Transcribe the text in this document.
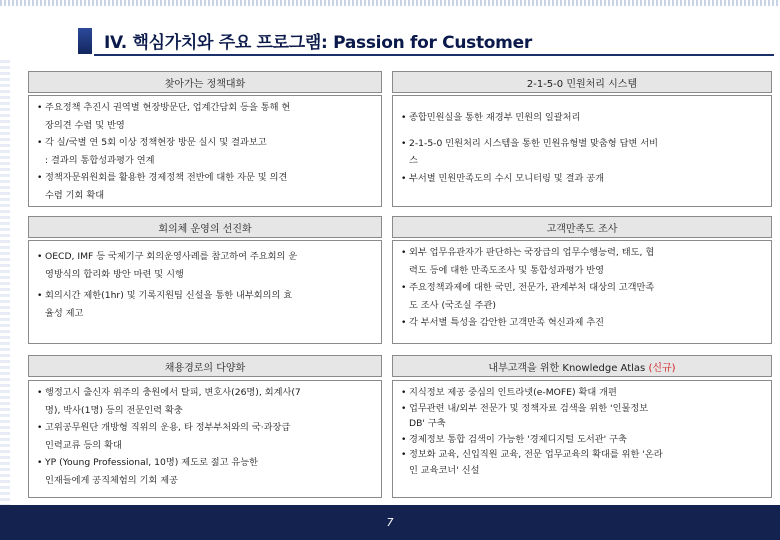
IV. 핵심가치와 주요 프로그램: Passion for Customer
찾아가는 정책대화
• 주요정책 추진시 권역별 현장방문단, 업계간담회 등을 통해 현
장의견 수렴 및 반영
• 각 실/국별 연 5회 이상 정책현장 방문 실시 및 결과보고
: 결과의 통합성과평가 연계
• 정책자문위원회를 활용한 경제정책 전반에 대한 자문 및 의견
수렴 기회 확대
2-1-5-0 민원처리 시스템
• 종합민원실을 통한 재경부 민원의 일괄처리
• 2-1-5-0 민원처리 시스템을 통한 민원유형별 맞춤형 답변 서비
스
• 부서별 민원만족도의 수시 모니터링 및 결과 공개
회의체 운영의 선진화
• OECD, IMF 등 국제기구 회의운영사례를 참고하여 주요회의 운
영방식의 합리화 방안 마련 및 시행
• 회의시간 제한(1hr) 및 기록지원팀 신설을 통한 내부회의의 효
율성 제고
고객만족도 조사
• 외부 업무유관자가 판단하는 국장급의 업무수행능력, 태도, 협
력도 등에 대한 만족도조사 및 통합성과평가 반영
• 주요정책과제에 대한 국민, 전문가, 관계부처 대상의 고객만족
도 조사 (국조실 주관)
• 각 부서별 특성을 감안한 고객만족 혁신과제 추진
채용경로의 다양화
• 행정고시 출신자 위주의 충원에서 탈피, 변호사(26명), 회계사(7
명), 박사(1명) 등의 전문인력 확충
• 고위공무원단 개방형 직위의 운용, 타 정부부처와의 국·과장급
인력교류 등의 확대
• YP (Young Professional, 10명) 제도로 젊고 유능한
인재들에게 공직체험의 기회 제공
내부고객을 위한 Knowledge Atlas
(신규)
• 지식정보 제공 중심의 인트라넷(e-MOFE) 확대 개편
• 업무관련 내/외부 전문가 및 정책자료 검색을 위한 '인물정보
DB' 구축
• 경제정보 통합 검색이 가능한 '경제디지털 도서관' 구축
• 정보화 교육, 신입직원 교육, 전문 업무교육의 확대를 위한 '온라
인 교육코너' 신설
7
